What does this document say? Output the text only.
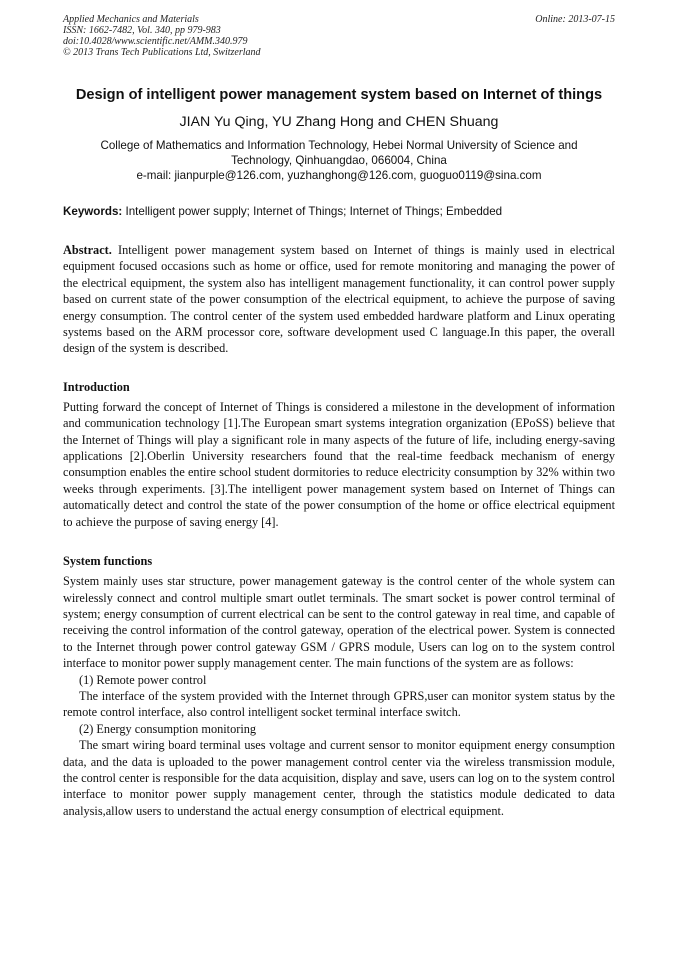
Applied Mechanics and Materials
ISSN: 1662-7482, Vol. 340, pp 979-983
doi:10.4028/www.scientific.net/AMM.340.979
© 2013 Trans Tech Publications Ltd, Switzerland
Online: 2013-07-15
Design of intelligent power management system based on Internet of things
JIAN Yu Qing, YU Zhang Hong and CHEN Shuang
College of Mathematics and Information Technology, Hebei Normal University of Science and Technology, Qinhuangdao, 066004, China
e-mail: jianpurple@126.com, yuzhanghong@126.com, guoguo0119@sina.com
Keywords: Intelligent power supply; Internet of Things; Internet of Things; Embedded

Abstract. Intelligent power management system based on Internet of things is mainly used in electrical equipment focused occasions such as home or office, used for remote monitoring and managing the power of the electrical equipment, the system also has intelligent management functionality, it can control power supply based on current state of the power consumption of the electrical equipment, to achieve the purpose of saving energy consumption. The control center of the system used embedded hardware platform and Linux operating systems based on the ARM processor core, software development used C language.In this paper, the overall design of the system is described.

Introduction

Putting forward the concept of Internet of Things is considered a milestone in the development of information and communication technology [1].The European smart systems integration organization (EPoSS) believe that the Internet of Things will play a significant role in many aspects of the future of life, including energy-saving applications [2].Oberlin University researchers found that the real-time feedback mechanism of energy consumption enables the entire school student dormitories to reduce electricity consumption by 32% within two weeks through experiments. [3].The intelligent power management system based on Internet of Things can automatically detect and control the state of the power consumption of the home or office electrical equipment to achieve the purpose of saving energy [4].

System functions

System mainly uses star structure, power management gateway is the control center of the whole system can wirelessly connect and control multiple smart outlet terminals. The smart socket is power control terminal of system; energy consumption of current electrical can be sent to the control gateway in real time, and capable of receiving the control information of the control gateway, operation of the electrical power. System is connected to the Internet through power control gateway GSM / GPRS module, Users can log on to the system control interface to monitor power supply management center. The main functions of the system are as follows:

(1) Remote power control

The interface of the system provided with the Internet through GPRS,user can monitor system status by the remote control interface, also control intelligent socket terminal interface switch.

(2) Energy consumption monitoring

The smart wiring board terminal uses voltage and current sensor to monitor equipment energy consumption data, and the data is uploaded to the power management control center via the wireless transmission module, the control center is responsible for the data acquisition, display and save, users can log on to the system control interface to monitor power supply management center, through the statistics module dedicated to data analysis,allow users to understand the actual energy consumption of electrical equipment.
